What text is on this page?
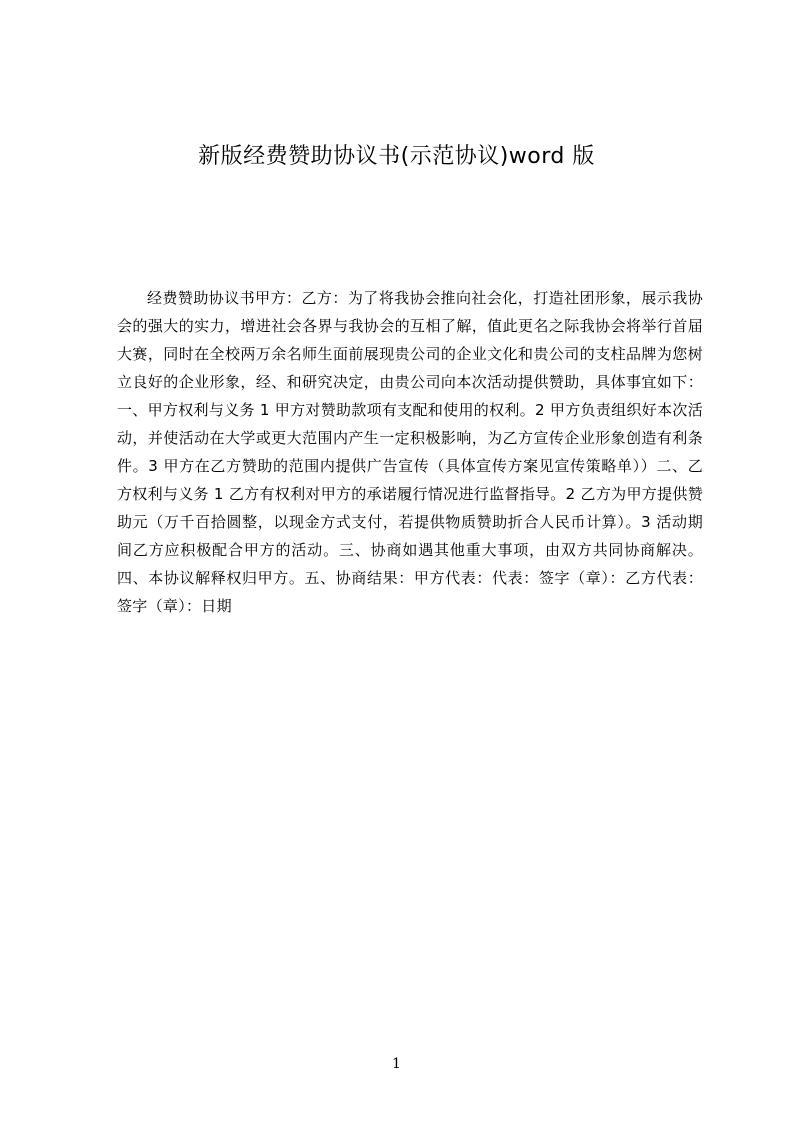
新版经费赞助协议书(示范协议)word 版

经费赞助协议书甲方：乙方：为了将我协会推向社会化，打造社团形象，展示我协会的强大的实力，增进社会各界与我协会的互相了解，值此更名之际我协会将举行首届大赛，同时在全校两万余名师生面前展现贵公司的企业文化和贵公司的支柱品牌为您树立良好的企业形象，经、和研究决定，由贵公司向本次活动提供赞助，具体事宜如下：一、甲方权利与义务 1 甲方对赞助款项有支配和使用的权利。2 甲方负责组织好本次活动，并使活动在大学或更大范围内产生一定积极影响，为乙方宣传企业形象创造有利条件。3 甲方在乙方赞助的范围内提供广告宣传（具体宣传方案见宣传策略单））二、乙方权利与义务 1 乙方有权利对甲方的承诺履行情况进行监督指导。2 乙方为甲方提供赞助元（万千百拾圆整，以现金方式支付，若提供物质赞助折合人民币计算）。3 活动期间乙方应积极配合甲方的活动。三、协商如遇其他重大事项，由双方共同协商解决。四、本协议解释权归甲方。五、协商结果：甲方代表：代表：签字（章）：乙方代表：签字（章）：日期

1
